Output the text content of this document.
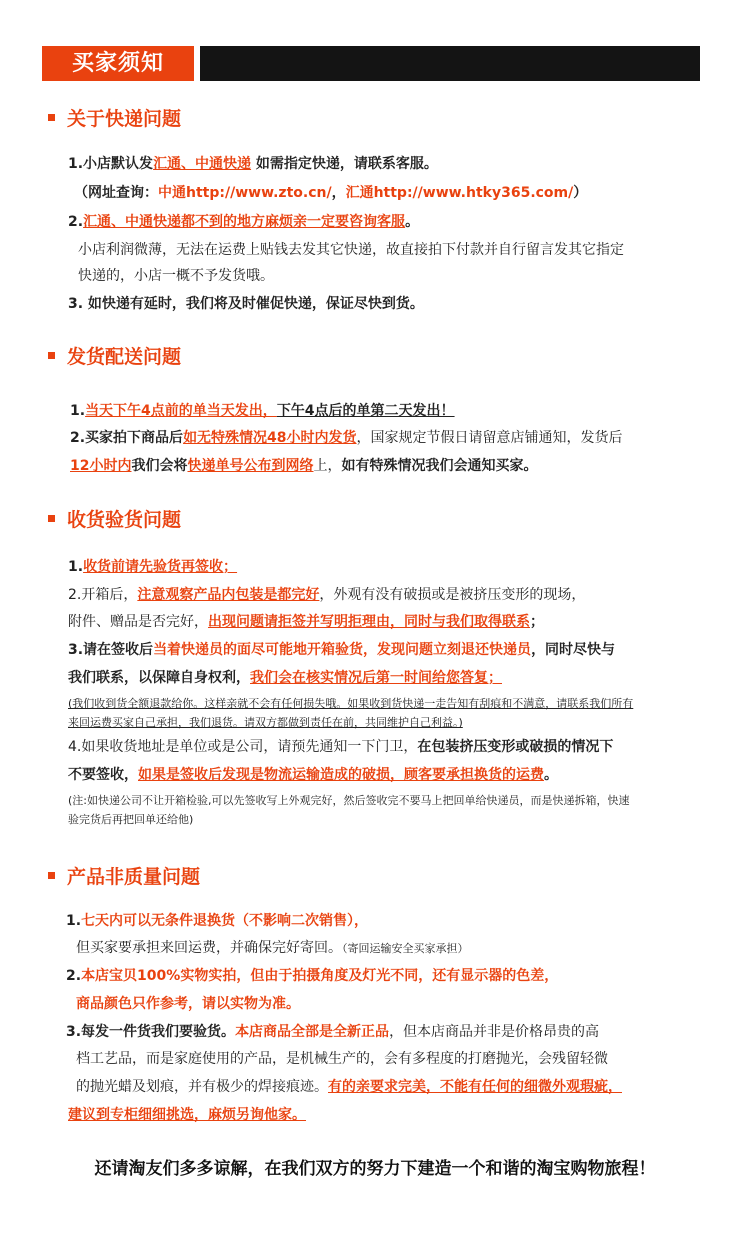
买家须知
关于快递问题
1.小店默认发汇通、中通快递 如需指定快递，请联系客服。
（网址查询：中通http://www.zto.cn/，汇通http://www.htky365.com/）
2.汇通、中通快递都不到的地方麻烦亲一定要咨询客服。
小店利润微薄，无法在运费上贴钱去发其它快递，故直接拍下付款并自行留言发其它指定
快递的，小店一概不予发货哦。
3. 如快递有延时，我们将及时催促快递，保证尽快到货。
发货配送问题
1.当天下午4点前的单当天发出，下午4点后的单第二天发出！
2.买家拍下商品后如无特殊情况48小时内发货，国家规定节假日请留意店铺通知，发货后
12小时内我们会将快递单号公布到网络上，如有特殊情况我们会通知买家。
收货验货问题
1.收货前请先验货再签收；
2.开箱后，注意观察产品内包装是都完好，外观有没有破损或是被挤压变形的现场，
附件、赠品是否完好，出现问题请拒签并写明拒理由，同时与我们取得联系；
3.请在签收后当着快递员的面尽可能地开箱验货，发现问题立刻退还快递员，同时尽快与
我们联系，以保障自身权利，我们会在核实情况后第一时间给您答复；
(我们收到货全额退款给你。这样亲就不会有任何损失哦。如果收到货快递一走告知有刮痕和不满意，请联系我们所有
来回运费买家自己承担，我们退货。请双方都做到责任在前，共同维护自己利益。)
4.如果收货地址是单位或是公司，请预先通知一下门卫，在包装挤压变形或破损的情况下
不要签收，如果是签收后发现是物流运输造成的破损，顾客要承担换货的运费。
(注:如快递公司不让开箱检验,可以先签收写上外观完好，然后签收完不要马上把回单给快递员，而是快递拆箱，快速
验完货后再把回单还给他)
产品非质量问题
1.七天内可以无条件退换货（不影响二次销售），
但买家要承担来回运费，并确保完好寄回。（寄回运输安全买家承担）
2.本店宝贝100%实物实拍，但由于拍摄角度及灯光不同，还有显示器的色差，
商品颜色只作参考，请以实物为准。
3.每发一件货我们要验货。本店商品全部是全新正品，但本店商品并非是价格昂贵的高
档工艺品，而是家庭使用的产品，是机械生产的，会有多程度的打磨抛光，会残留轻微
的抛光蜡及划痕，并有极少的焊接痕迹。有的亲要求完美，不能有任何的细微外观瑕疵，
建议到专柜细细挑选，麻烦另询他家。
还请淘友们多多谅解，在我们双方的努力下建造一个和谐的淘宝购物旅程！
